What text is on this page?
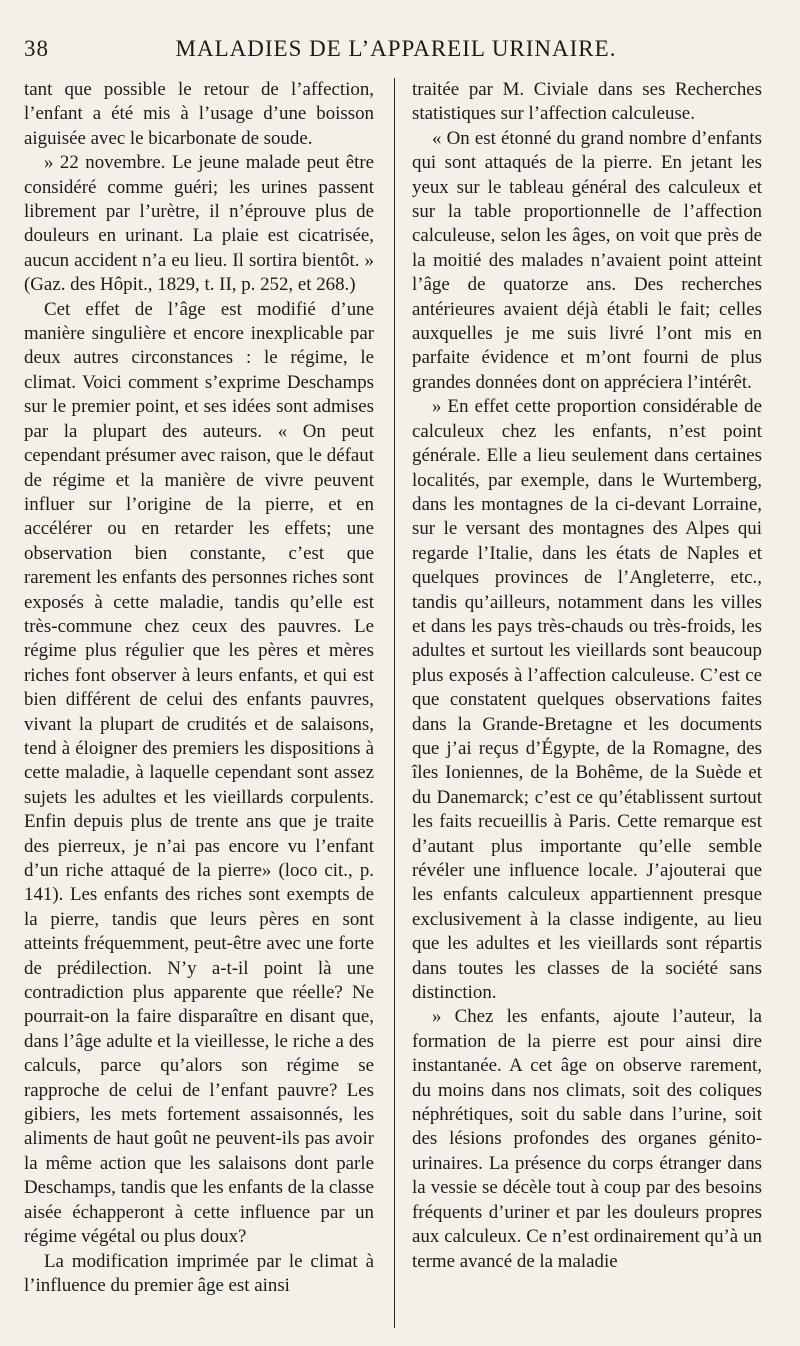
38	MALADIES DE L’APPAREIL URINAIRE.

tant que possible le retour de l’affection, l’enfant a été mis à l’usage d’une boisson aiguisée avec le bicarbonate de soude.

» 22 novembre. Le jeune malade peut être considéré comme guéri; les urines passent librement par l’urètre, il n’éprouve plus de douleurs en urinant. La plaie est cicatrisée, aucun accident n’a eu lieu. Il sortira bientôt. » (Gaz. des Hôpit., 1829, t. II, p. 252, et 268.)

Cet effet de l’âge est modifié d’une manière singulière et encore inexplicable par deux autres circonstances : le régime, le climat. Voici comment s’exprime Deschamps sur le premier point, et ses idées sont admises par la plupart des auteurs. « On peut cependant présumer avec raison, que le défaut de régime et la manière de vivre peuvent influer sur l’origine de la pierre, et en accélérer ou en retarder les effets; une observation bien constante, c’est que rarement les enfants des personnes riches sont exposés à cette maladie, tandis qu’elle est très-commune chez ceux des pauvres. Le régime plus régulier que les pères et mères riches font observer à leurs enfants, et qui est bien différent de celui des enfants pauvres, vivant la plupart de crudités et de salaisons, tend à éloigner des premiers les dispositions à cette maladie, à laquelle cependant sont assez sujets les adultes et les vieillards corpulents. Enfin depuis plus de trente ans que je traite des pierreux, je n’ai pas encore vu l’enfant d’un riche attaqué de la pierre» (loco cit., p. 141). Les enfants des riches sont exempts de la pierre, tandis que leurs pères en sont atteints fréquemment, peut-être avec une forte de prédilection. N’y a-t-il point là une contradiction plus apparente que réelle? Ne pourrait-on la faire disparaître en disant que, dans l’âge adulte et la vieillesse, le riche a des calculs, parce qu’alors son régime se rapproche de celui de l’enfant pauvre? Les gibiers, les mets fortement assaisonnés, les aliments de haut goût ne peuvent-ils pas avoir la même action que les salaisons dont parle Deschamps, tandis que les enfants de la classe aisée échapperont à cette influence par un régime végétal ou plus doux?

La modification imprimée par le climat à l’influence du premier âge est ainsi

traitée par M. Civiale dans ses Recherches statistiques sur l’affection calculeuse.

« On est étonné du grand nombre d’enfants qui sont attaqués de la pierre. En jetant les yeux sur le tableau général des calculeux et sur la table proportionnelle de l’affection calculeuse, selon les âges, on voit que près de la moitié des malades n’avaient point atteint l’âge de quatorze ans. Des recherches antérieures avaient déjà établi le fait; celles auxquelles je me suis livré l’ont mis en parfaite évidence et m’ont fourni de plus grandes données dont on appréciera l’intérêt.

» En effet cette proportion considérable de calculeux chez les enfants, n’est point générale. Elle a lieu seulement dans certaines localités, par exemple, dans le Wurtemberg, dans les montagnes de la ci-devant Lorraine, sur le versant des montagnes des Alpes qui regarde l’Italie, dans les états de Naples et quelques provinces de l’Angleterre, etc., tandis qu’ailleurs, notamment dans les villes et dans les pays très-chauds ou très-froids, les adultes et surtout les vieillards sont beaucoup plus exposés à l’affection calculeuse. C’est ce que constatent quelques observations faites dans la Grande-Bretagne et les documents que j’ai reçus d’Égypte, de la Romagne, des îles Ioniennes, de la Bohême, de la Suède et du Danemarck; c’est ce qu’établissent surtout les faits recueillis à Paris. Cette remarque est d’autant plus importante qu’elle semble révéler une influence locale. J’ajouterai que les enfants calculeux appartiennent presque exclusivement à la classe indigente, au lieu que les adultes et les vieillards sont répartis dans toutes les classes de la société sans distinction.

» Chez les enfants, ajoute l’auteur, la formation de la pierre est pour ainsi dire instantanée. A cet âge on observe rarement, du moins dans nos climats, soit des coliques néphrétiques, soit du sable dans l’urine, soit des lésions profondes des organes génito-urinaires. La présence du corps étranger dans la vessie se décèle tout à coup par des besoins fréquents d’uriner et par les douleurs propres aux calculeux. Ce n’est ordinairement qu’à un terme avancé de la maladie
